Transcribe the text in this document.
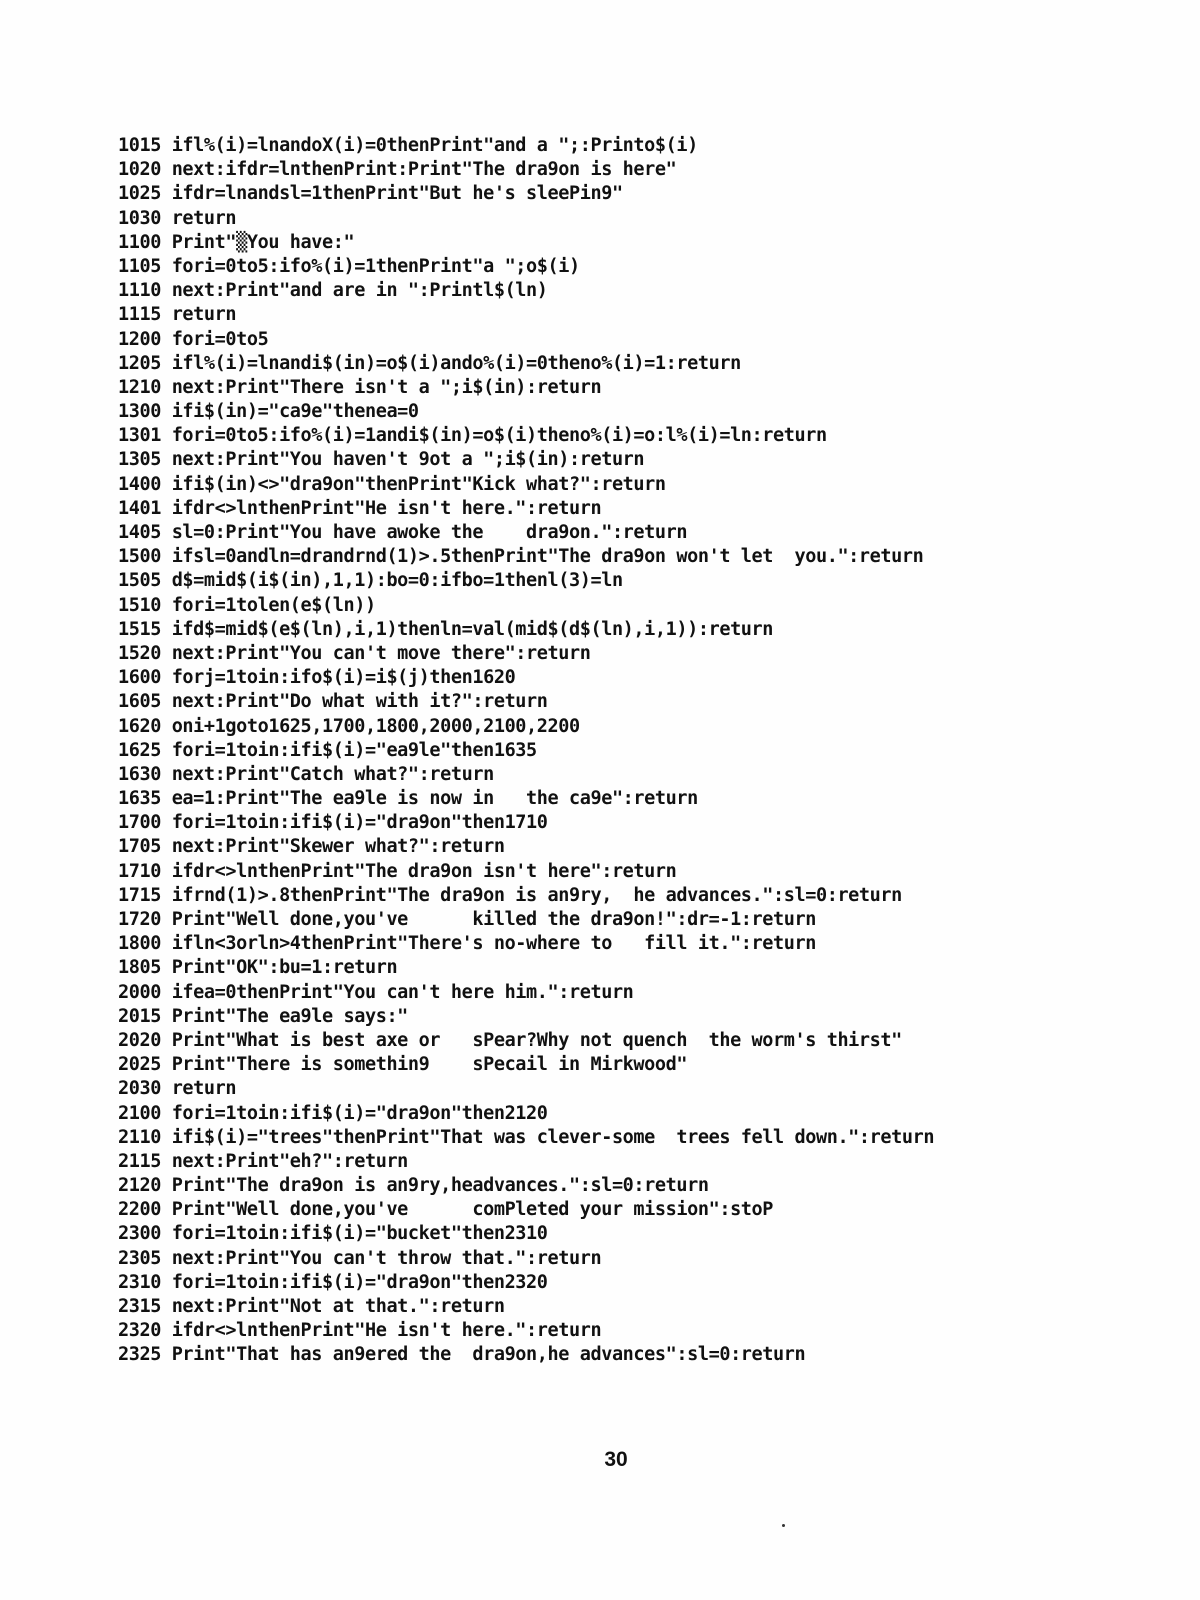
1015 ifl%(i)=lnandoX(i)=0thenPrint"and a ";:Printo$(i)
1020 next:ifdr=lnthenPrint:Print"The dra9on is here"
1025 ifdr=lnandsl=1thenPrint"But he's sleePin9"
1030 return
1100 Print"▒You have:"
1105 fori=0to5:ifo%(i)=1thenPrint"a ";o$(i)
1110 next:Print"and are in ":Printl$(ln)
1115 return
1200 fori=0to5
1205 ifl%(i)=lnandi$(in)=o$(i)ando%(i)=0theno%(i)=1:return
1210 next:Print"There isn't a ";i$(in):return
1300 ifi$(in)="ca9e"thenea=0
1301 fori=0to5:ifo%(i)=1andi$(in)=o$(i)theno%(i)=o:l%(i)=ln:return
1305 next:Print"You haven't 9ot a ";i$(in):return
1400 ifi$(in)<>"dra9on"thenPrint"Kick what?":return
1401 ifdr<>lnthenPrint"He isn't here.":return
1405 sl=0:Print"You have awoke the    dra9on.":return
1500 ifsl=0andln=drandrnd(1)>.5thenPrint"The dra9on won't let  you.":return
1505 d$=mid$(i$(in),1,1):bo=0:ifbo=1thenl(3)=ln
1510 fori=1tolen(e$(ln))
1515 ifd$=mid$(e$(ln),i,1)thenln=val(mid$(d$(ln),i,1)):return
1520 next:Print"You can't move there":return
1600 forj=1toin:ifo$(i)=i$(j)then1620
1605 next:Print"Do what with it?":return
1620 oni+1goto1625,1700,1800,2000,2100,2200
1625 fori=1toin:ifi$(i)="ea9le"then1635
1630 next:Print"Catch what?":return
1635 ea=1:Print"The ea9le is now in   the ca9e":return
1700 fori=1toin:ifi$(i)="dra9on"then1710
1705 next:Print"Skewer what?":return
1710 ifdr<>lnthenPrint"The dra9on isn't here":return
1715 ifrnd(1)>.8thenPrint"The dra9on is an9ry,  he advances.":sl=0:return
1720 Print"Well done,you've      killed the dra9on!":dr=-1:return
1800 ifln<3orln>4thenPrint"There's no-where to   fill it.":return
1805 Print"OK":bu=1:return
2000 ifea=0thenPrint"You can't here him.":return
2015 Print"The ea9le says:"
2020 Print"What is best axe or   sPear?Why not quench  the worm's thirst"
2025 Print"There is somethin9    sPecail in Mirkwood"
2030 return
2100 fori=1toin:ifi$(i)="dra9on"then2120
2110 ifi$(i)="trees"thenPrint"That was clever-some  trees fell down.":return
2115 next:Print"eh?":return
2120 Print"The dra9on is an9ry,headvances.":sl=0:return
2200 Print"Well done,you've      comPleted your mission":stoP
2300 fori=1toin:ifi$(i)="bucket"then2310
2305 next:Print"You can't throw that.":return
2310 fori=1toin:ifi$(i)="dra9on"then2320
2315 next:Print"Not at that.":return
2320 ifdr<>lnthenPrint"He isn't here.":return
2325 Print"That has an9ered the  dra9on,he advances":sl=0:return
30
